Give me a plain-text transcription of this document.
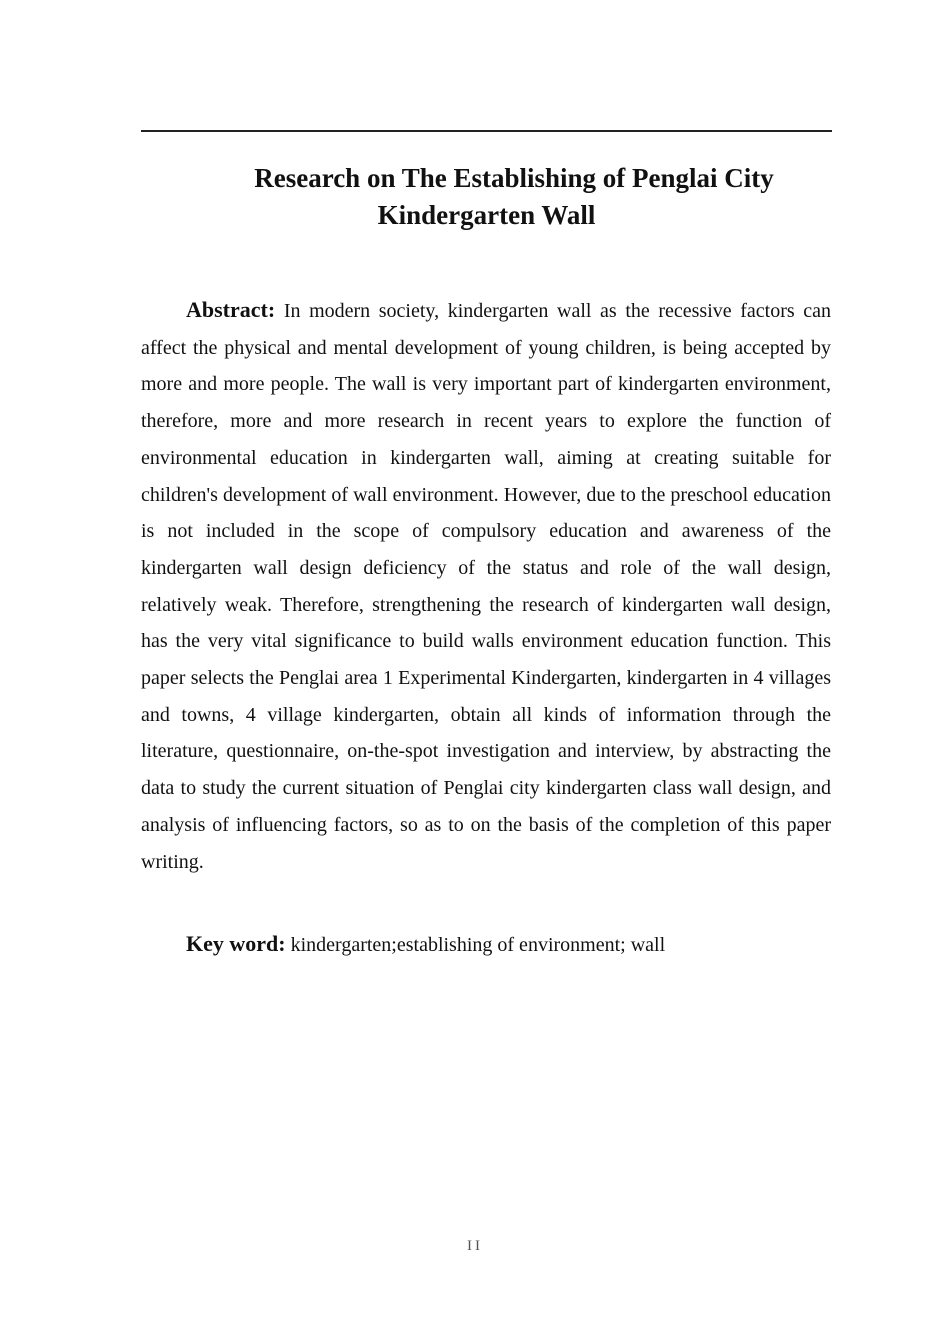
Research on The Establishing of Penglai City
Kindergarten Wall

Abstract: In modern society, kindergarten wall as the recessive factors can affect the physical and mental development of young children, is being accepted by more and more people. The wall is very important part of kindergarten environment, therefore, more and more research in recent years to explore the function of environmental education in kindergarten wall, aiming at creating suitable for children's development of wall environment. However, due to the preschool education is not included in the scope of compulsory education and awareness of the kindergarten wall design deficiency of the status and role of the wall design, relatively weak. Therefore, strengthening the research of kindergarten wall design, has the very vital significance to build walls environment education function. This paper selects the Penglai area 1 Experimental Kindergarten, kindergarten in 4 villages and towns, 4 village kindergarten, obtain all kinds of information through the literature, questionnaire, on-the-spot investigation and interview, by abstracting the data to study the current situation of Penglai city kindergarten class wall design, and analysis of influencing factors, so as to on the basis of the completion of this paper writing.

Key word: kindergarten;establishing of environment; wall

II
